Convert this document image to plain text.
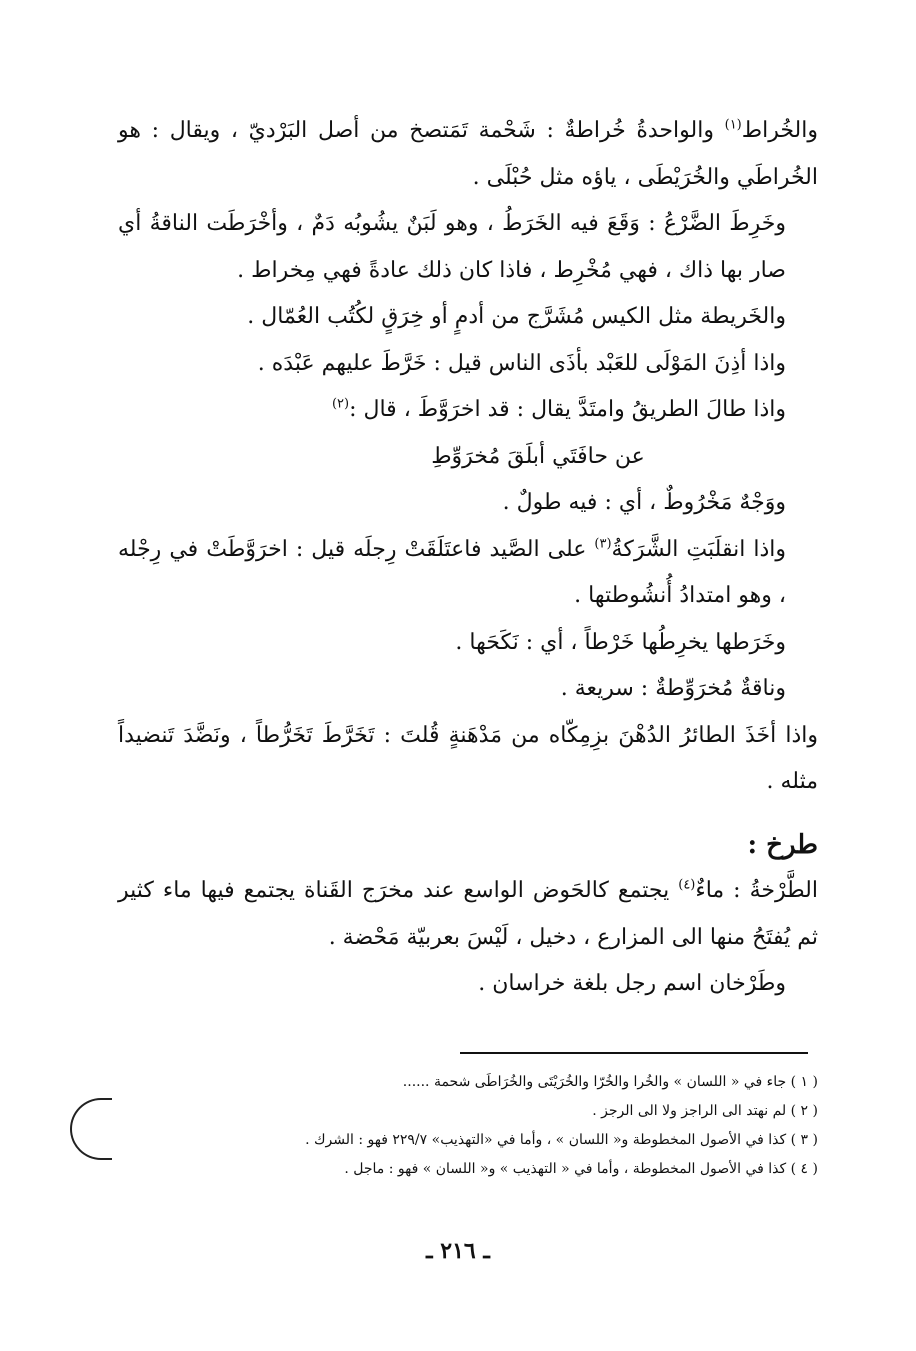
والخُراط$^{(١)}$ والواحدةُ خُراطةٌ : شَحْمة تَمَتصخ من أصل البَرْديّ ، ويقال : هو الخُراطَي والخُرَيْطَى ، ياؤه مثل حُبْلَى .

وخَرِطَ الضَّرْعُ : وَقَعَ فيه الخَرَطُ ، وهو لَبَنٌ يشُوبُه دَمٌ ، وأخْرَطَت الناقةُ أي صار بها ذاك ، فهي مُخْرِط ، فاذا كان ذلك عادةً فهي مِخراط .

والخَريطة مثل الكيس مُشَرَّج من أدمٍ أو خِرَقٍ لكُتُب العُمّال .

واذا أذِنَ المَوْلَى للعَبْد بأذَى الناس قيل : خَرَّطَ عليهم عَبْدَه .

واذا طالَ الطريقُ وامتَدَّ يقال : قد اخرَوَّطَ ، قال :$^{(٢)}$

عن حافَتَي أبلَقَ مُخرَوِّطِ

ووَجْهٌ مَخْرُوطٌ ، أي : فيه طولٌ .

واذا انقلَبَتِ الشَّرَكةُ$^{(٣)}$ على الصَّيد فاعتَلَقَتْ رِجلَه قيل : اخرَوَّطَتْ في رِجْله ، وهو امتدادُ أُنشُوطتها .

وخَرَطها يخرِطُها خَرْطاً ، أي : نَكَحَها .

وناقةٌ مُخرَوِّطةٌ : سريعة .

واذا أخَذَ الطائرُ الدُهْنَ بزِمِكّاه من مَدْهَنةٍ قُلتَ : تَخَرَّطَ تَخَرُّطاً ، ونَضَّدَ تَنضيداً مثله .

طرخ :

الطَّرْخةُ : ماءٌ$^{(٤)}$ يجتمع كالحَوض الواسع عند مخرَج القَناة يجتمع فيها ماء كثير ثم يُفتَحُ منها الى المزارع ، دخيل ، لَيْسَ بعربيّة مَحْضة .

وطَرْخان اسم رجل بلغة خراسان .

( ١ ) جاء في « اللسان » والخُرا والخُرّا والخُرَيْتَى والخُرَاطَى شحمة ......

( ٢ ) لم نهتد الى الراجز ولا الى الرجز .

( ٣ ) كذا في الأصول المخطوطة و« اللسان » ، وأما في «التهذيب» ٢٢٩/٧ فهو : الشرك .

( ٤ ) كذا في الأصول المخطوطة ، وأما في « التهذيب » و« اللسان » فهو : ماجل .

ـ ٢١٦ ـ
